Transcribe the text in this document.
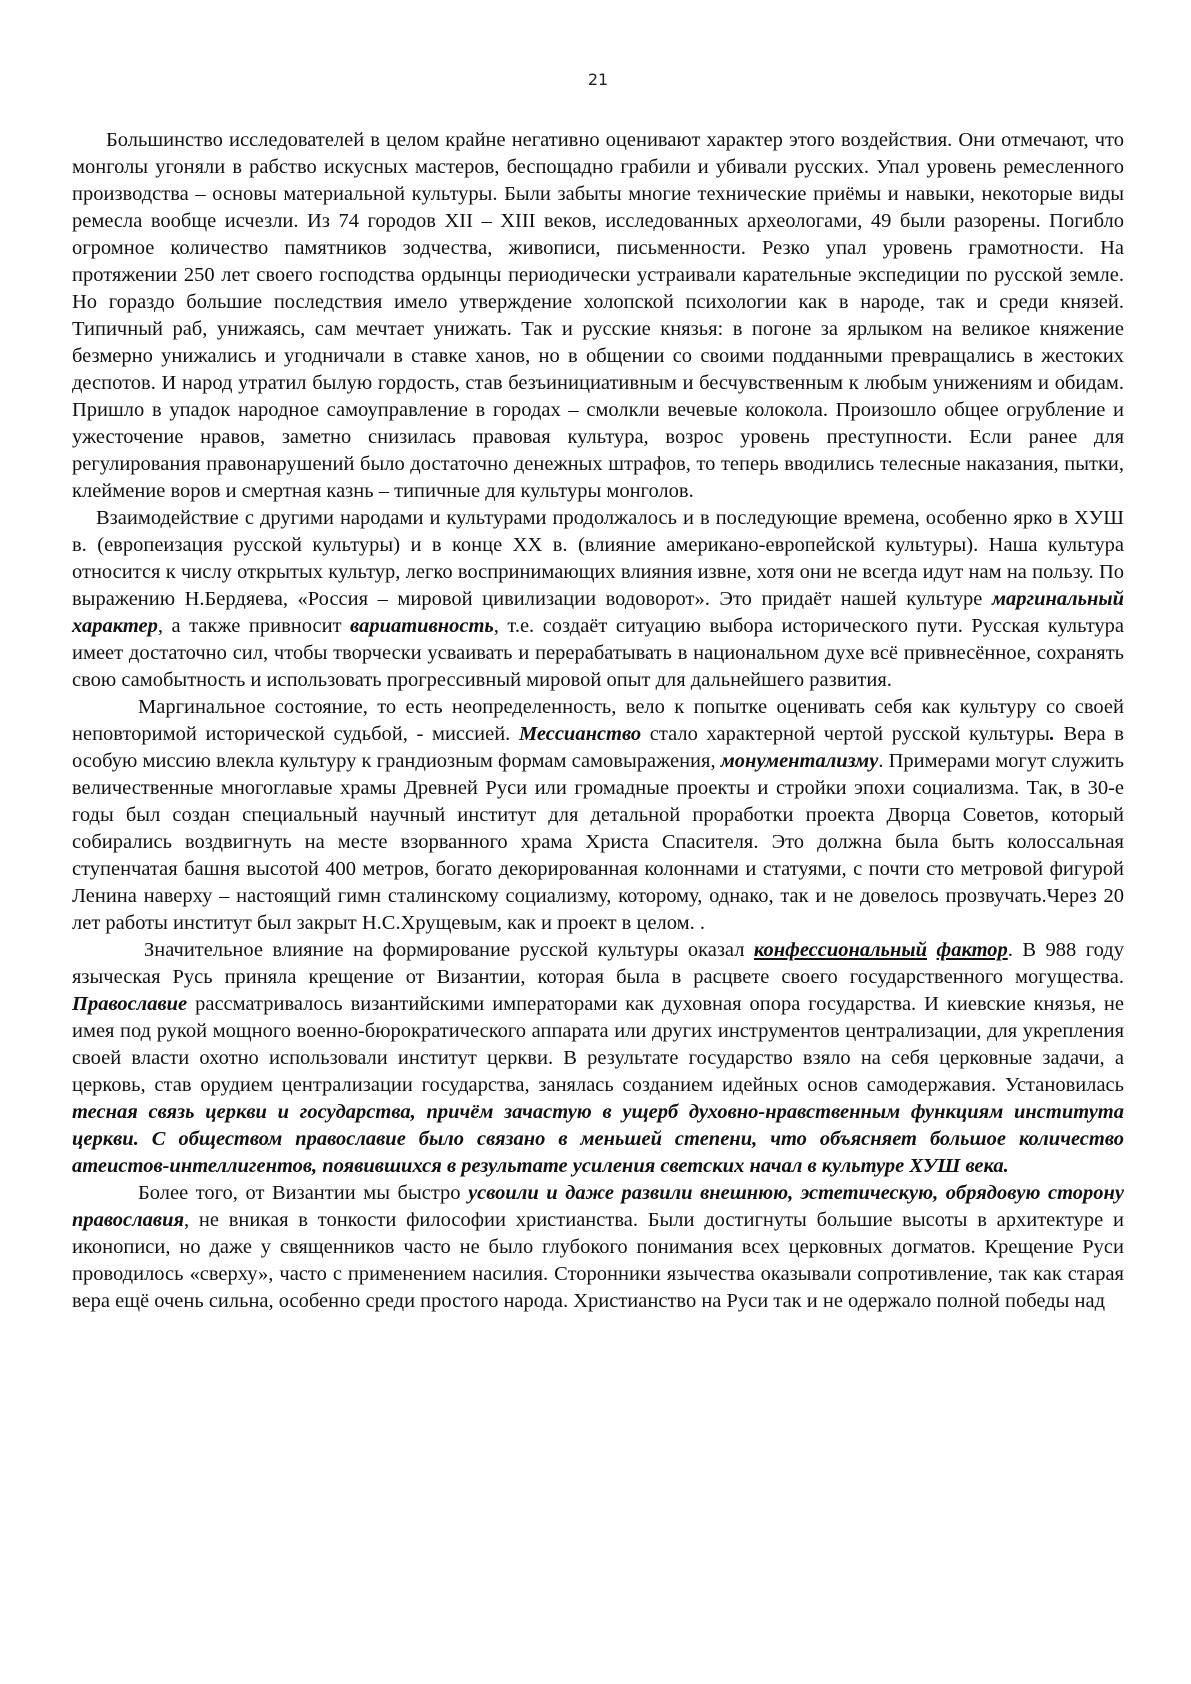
21

Большинство исследователей в целом крайне негативно оценивают характер этого воздействия. Они отмечают, что монголы угоняли в рабство искусных мастеров, беспощадно грабили и убивали русских. Упал уровень ремесленного производства – основы материальной культуры. Были забыты многие технические приёмы и навыки, некоторые виды ремесла вообще исчезли. Из 74 городов XII – XIII веков, исследованных археологами, 49 были разорены. Погибло огромное количество памятников зодчества, живописи, письменности. Резко упал уровень грамотности. На протяжении 250 лет своего господства ордынцы периодически устраивали карательные экспедиции по русской земле. Но гораздо большие последствия имело утверждение холопской психологии как в народе, так и среди князей. Типичный раб, унижаясь, сам мечтает унижать. Так и русские князья: в погоне за ярлыком на великое княжение безмерно унижались и угодничали в ставке ханов, но в общении со своими подданными превращались в жестоких деспотов. И народ утратил былую гордость, став безъинициативным и бесчувственным к любым унижениям и обидам. Пришло в упадок народное самоуправление в городах – смолкли вечевые колокола. Произошло общее огрубление и ужесточение нравов, заметно снизилась правовая культура, возрос уровень преступности. Если ранее для регулирования правонарушений было достаточно денежных штрафов, то теперь вводились телесные наказания, пытки, клеймение воров и смертная казнь – типичные для культуры монголов.

Взаимодействие с другими народами и культурами продолжалось и в последующие времена, особенно ярко в ХУШ в. (европеизация русской культуры) и в конце ХХ в. (влияние американо-европейской культуры). Наша культура относится к числу открытых культур, легко воспринимающих влияния извне, хотя они не всегда идут нам на пользу. По выражению Н.Бердяева, «Россия – мировой цивилизации водоворот». Это придаёт нашей культуре маргинальный характер, а также привносит вариативность, т.е. создаёт ситуацию выбора исторического пути. Русская культура имеет достаточно сил, чтобы творчески усваивать и перерабатывать в национальном духе всё привнесённое, сохранять свою самобытность и использовать прогрессивный мировой опыт для дальнейшего развития.

Маргинальное состояние, то есть неопределенность, вело к попытке оценивать себя как культуру со своей неповторимой исторической судьбой, - миссией. Мессианство стало характерной чертой русской культуры. Вера в особую миссию влекла культуру к грандиозным формам самовыражения, монументализму. Примерами могут служить величественные многоглавые храмы Древней Руси или громадные проекты и стройки эпохи социализма. Так, в 30-е годы был создан специальный научный институт для детальной проработки проекта Дворца Советов, который собирались воздвигнуть на месте взорванного храма Христа Спасителя. Это должна была быть колоссальная ступенчатая башня высотой 400 метров, богато декорированная колоннами и статуями, с почти сто метровой фигурой Ленина наверху – настоящий гимн сталинскому социализму, которому, однако, так и не довелось прозвучать.Через 20 лет работы институт был закрыт Н.С.Хрущевым, как и проект в целом. .

Значительное влияние на формирование русской культуры оказал конфессиональный фактор. В 988 году языческая Русь приняла крещение от Византии, которая была в расцвете своего государственного могущества. Православие рассматривалось византийскими императорами как духовная опора государства. И киевские князья, не имея под рукой мощного военно-бюрократического аппарата или других инструментов централизации, для укрепления своей власти охотно использовали институт церкви. В результате государство взяло на себя церковные задачи, а церковь, став орудием централизации государства, занялась созданием идейных основ самодержавия. Установилась тесная связь церкви и государства, причём зачастую в ущерб духовно-нравственным функциям института церкви. С обществом православие было связано в меньшей степени, что объясняет большое количество атеистов-интеллигентов, появившихся в результате усиления светских начал в культуре ХУШ века.

Более того, от Византии мы быстро усвоили и даже развили внешнюю, эстетическую, обрядовую сторону православия, не вникая в тонкости философии христианства. Были достигнуты большие высоты в архитектуре и иконописи, но даже у священников часто не было глубокого понимания всех церковных догматов. Крещение Руси проводилось «сверху», часто с применением насилия. Сторонники язычества оказывали сопротивление, так как старая вера ещё очень сильна, особенно среди простого народа. Христианство на Руси так и не одержало полной победы над
